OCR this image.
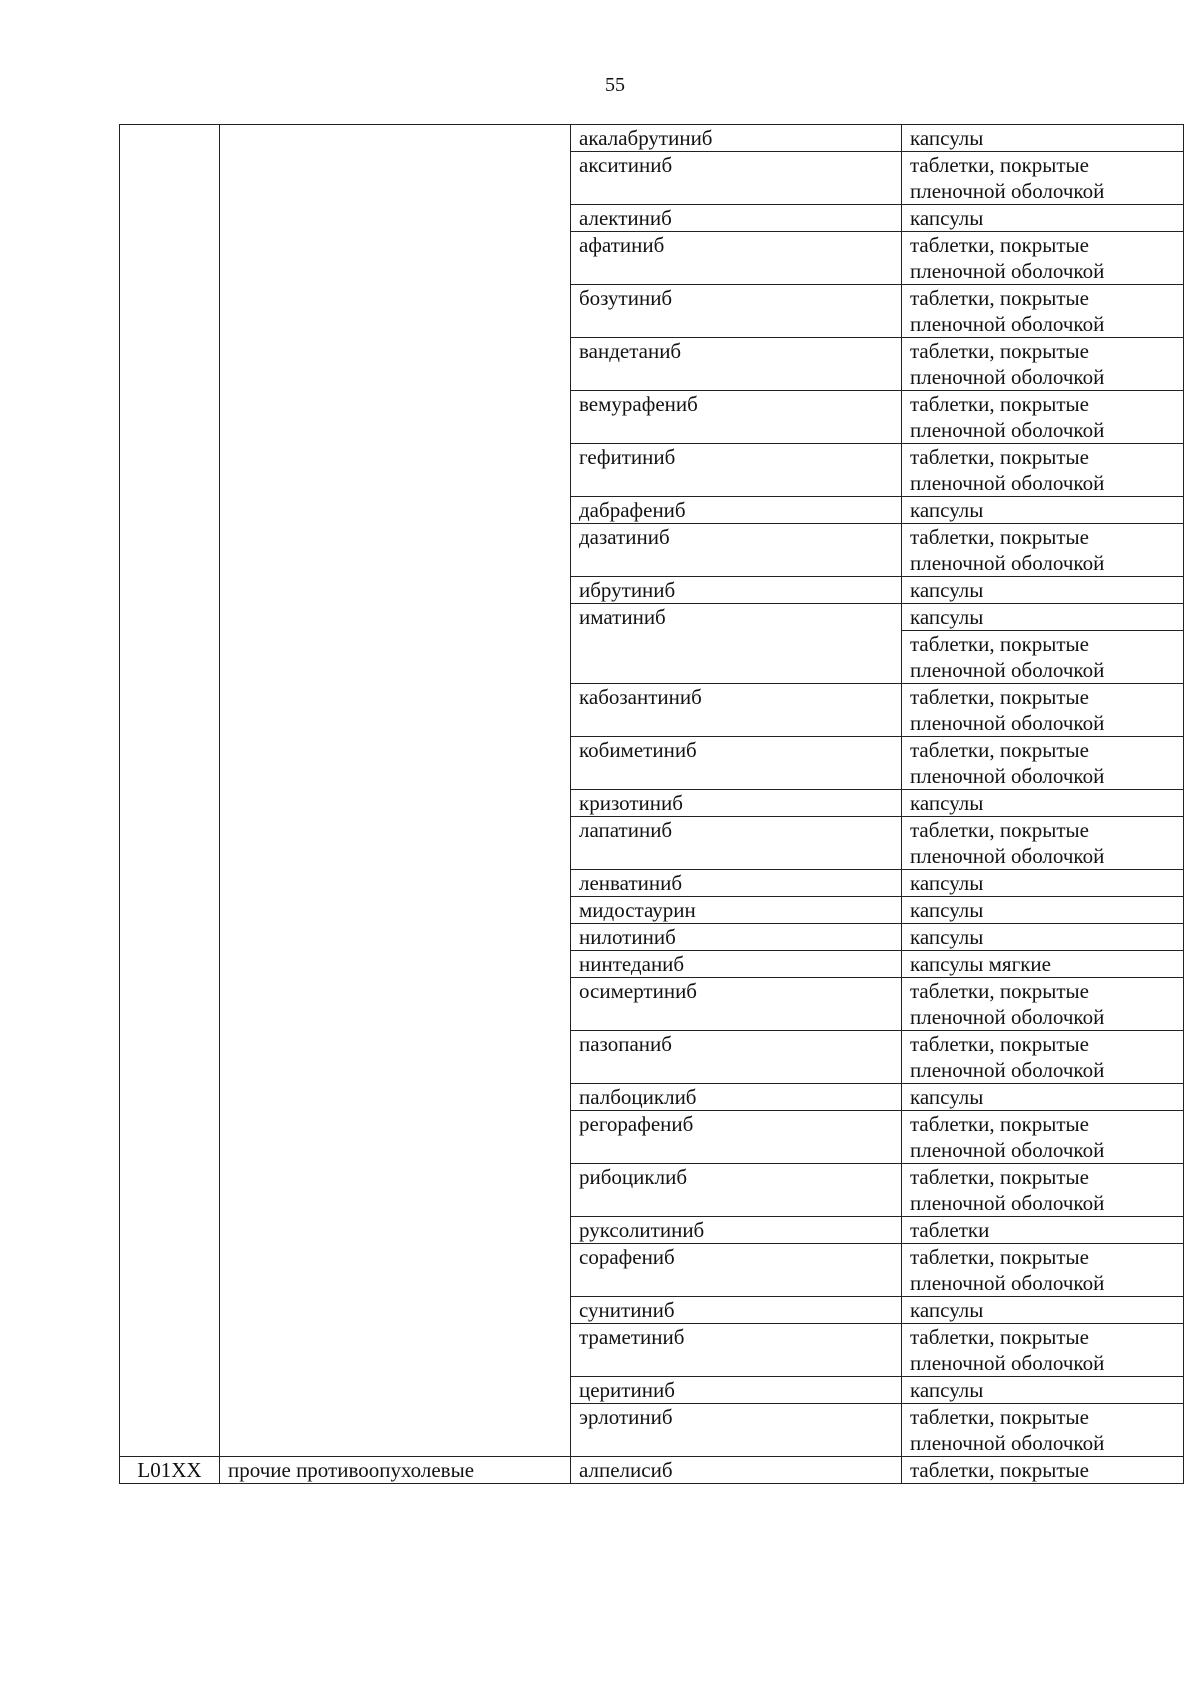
55
		акалабрутиниб	капсулы
		акситиниб	таблетки, покрытые пленочной оболочкой
		алектиниб	капсулы
		афатиниб	таблетки, покрытые пленочной оболочкой
		бозутиниб	таблетки, покрытые пленочной оболочкой
		вандетаниб	таблетки, покрытые пленочной оболочкой
		вемурафениб	таблетки, покрытые пленочной оболочкой
		гефитиниб	таблетки, покрытые пленочной оболочкой
		дабрафениб	капсулы
		дазатиниб	таблетки, покрытые пленочной оболочкой
		ибрутиниб	капсулы
		иматиниб	капсулы
			таблетки, покрытые пленочной оболочкой
		кабозантиниб	таблетки, покрытые пленочной оболочкой
		кобиметиниб	таблетки, покрытые пленочной оболочкой
		кризотиниб	капсулы
		лапатиниб	таблетки, покрытые пленочной оболочкой
		ленватиниб	капсулы
		мидостаурин	капсулы
		нилотиниб	капсулы
		нинтеданиб	капсулы мягкие
		осимертиниб	таблетки, покрытые пленочной оболочкой
		пазопаниб	таблетки, покрытые пленочной оболочкой
		палбоциклиб	капсулы
		регорафениб	таблетки, покрытые пленочной оболочкой
		рибоциклиб	таблетки, покрытые пленочной оболочкой
		руксолитиниб	таблетки
		сорафениб	таблетки, покрытые пленочной оболочкой
		сунитиниб	капсулы
		траметиниб	таблетки, покрытые пленочной оболочкой
		церитиниб	капсулы
		эрлотиниб	таблетки, покрытые пленочной оболочкой
L01XX	прочие противоопухолевые	алпелисиб	таблетки, покрытые
